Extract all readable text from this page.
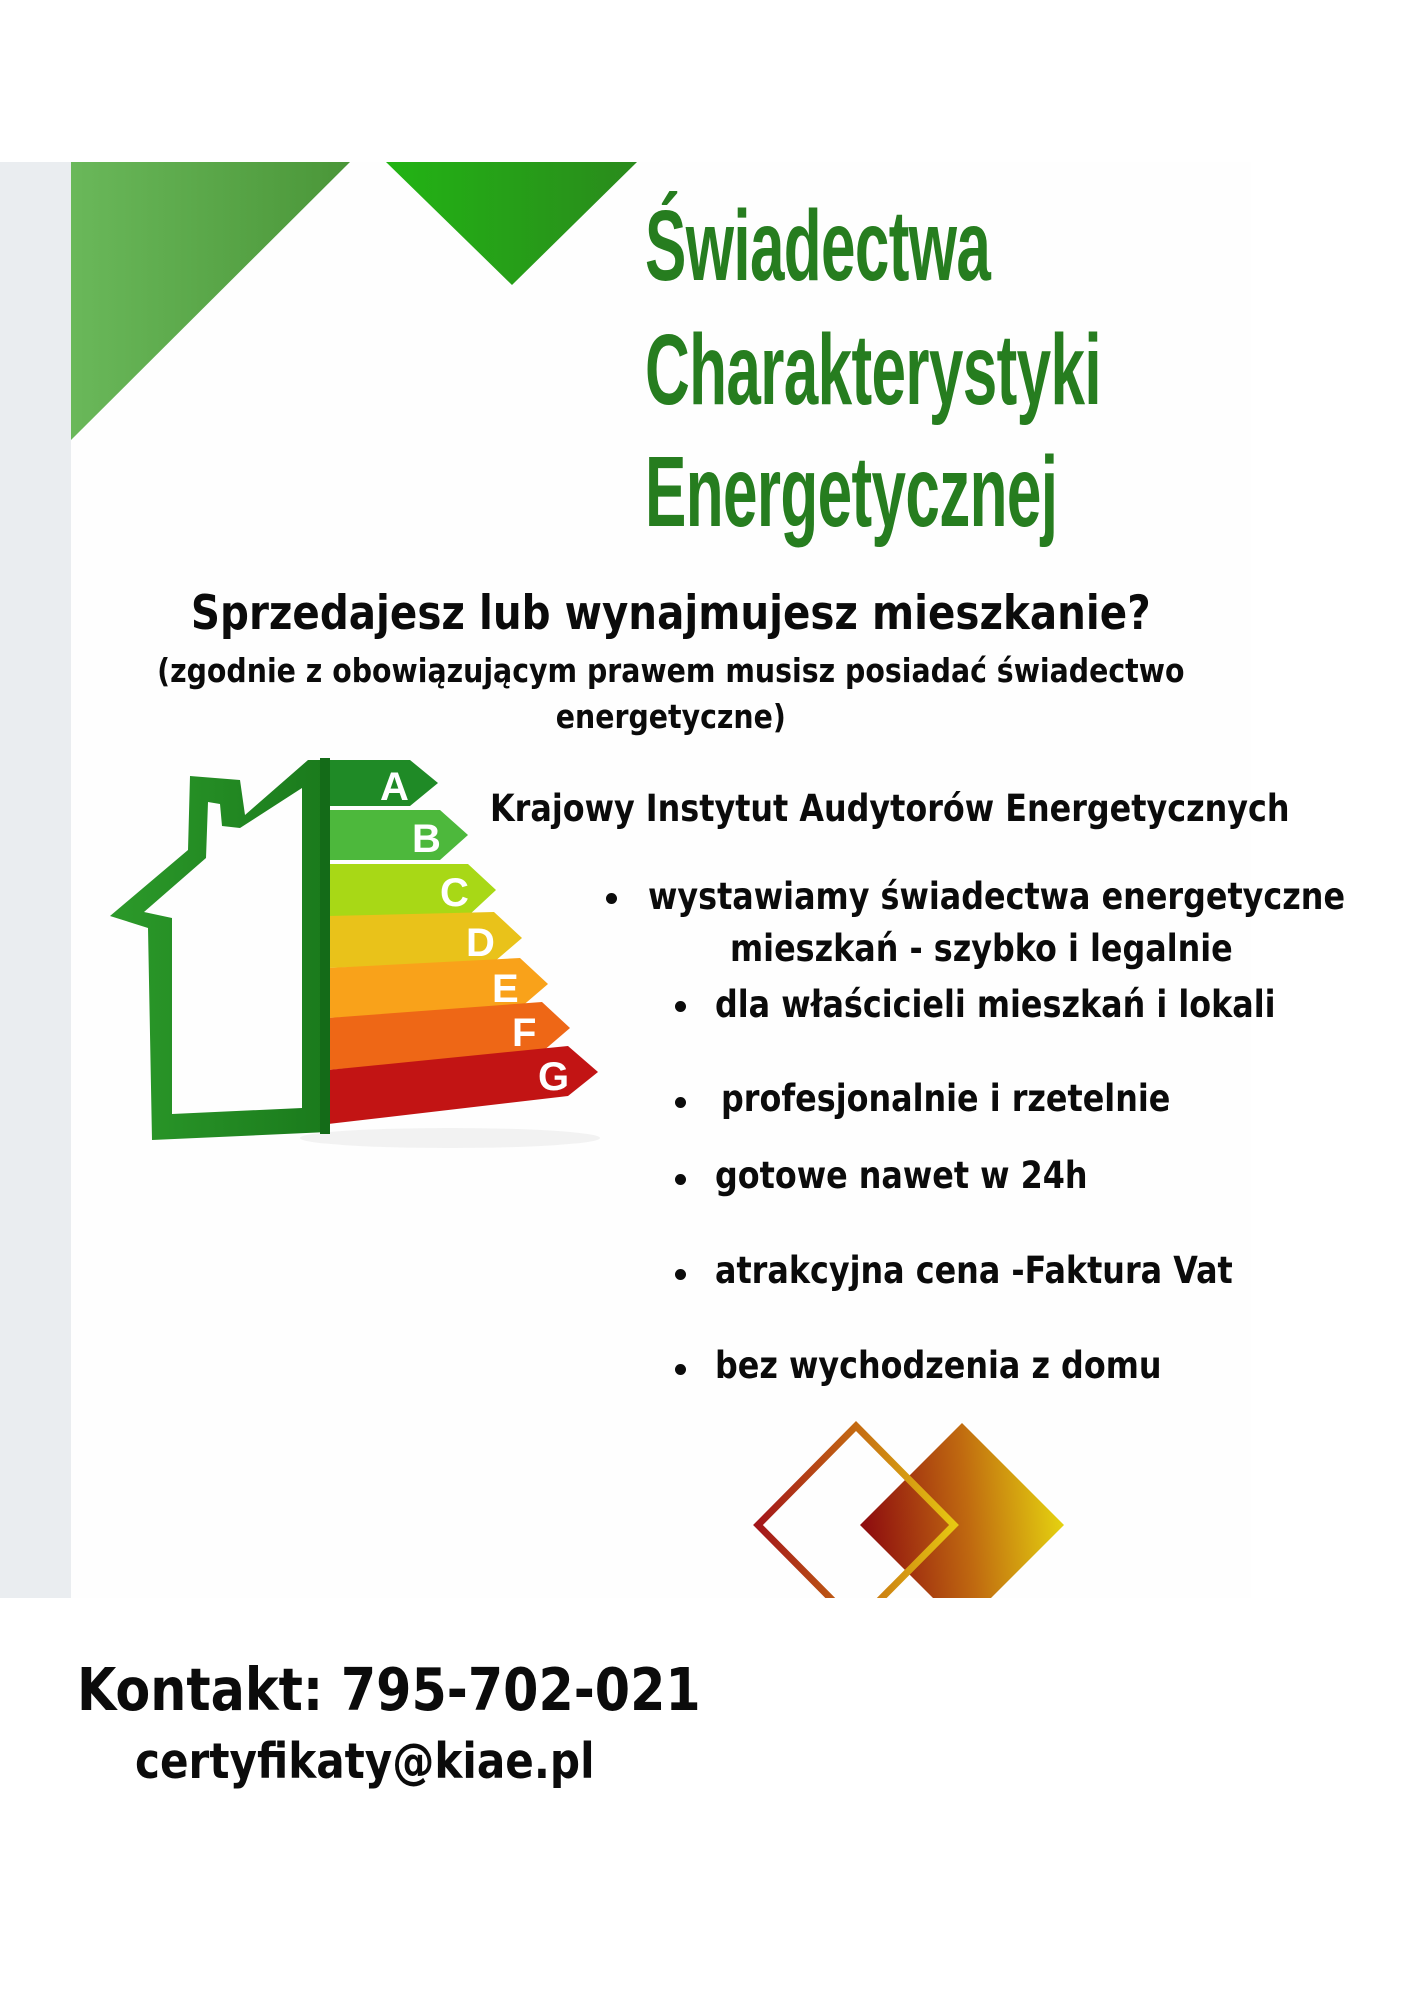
Świadectwa
Charakterystyki
Energetycznej
Sprzedajesz lub wynajmujesz mieszkanie?
(zgodnie z obowiązującym prawem musisz posiadać świadectwo
energetyczne)
A
B
C
D
E
F
G
Krajowy Instytut Audytorów Energetycznych
wystawiamy świadectwa energetyczne
mieszkań - szybko i legalnie
dla właścicieli mieszkań i lokali
profesjonalnie i rzetelnie
gotowe nawet w 24h
atrakcyjna cena -Faktura Vat
bez wychodzenia z domu
Kontakt: 795-702-021
certyfikaty@kiae.pl
